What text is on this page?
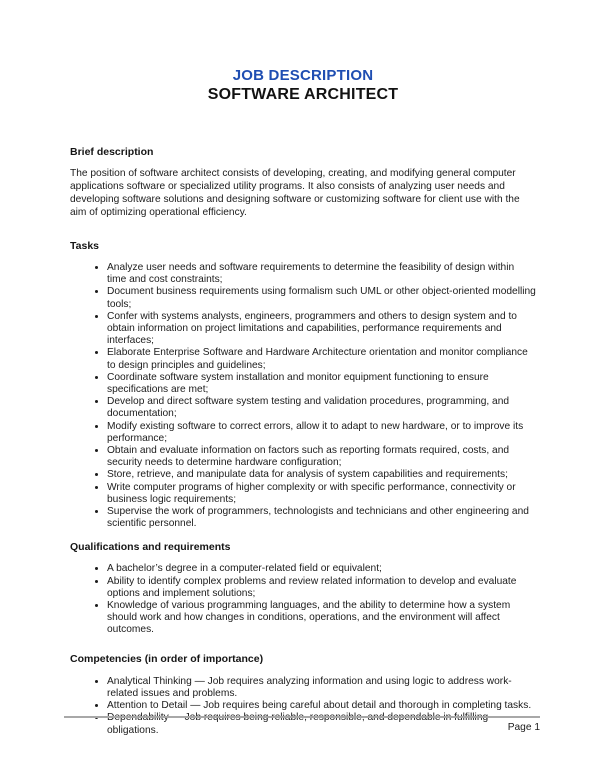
JOB DESCRIPTION
SOFTWARE ARCHITECT
Brief description

The position of software architect consists of developing, creating, and modifying general computer applications software or specialized utility programs. It also consists of analyzing user needs and developing software solutions and designing software or customizing software for client use with the aim of optimizing operational efficiency.

Tasks
• Analyze user needs and software requirements to determine the feasibility of design within time and cost constraints;
• Document business requirements using formalism such UML or other object-oriented modelling tools;
• Confer with systems analysts, engineers, programmers and others to design system and to obtain information on project limitations and capabilities, performance requirements and interfaces;
• Elaborate Enterprise Software and Hardware Architecture orientation and monitor compliance to design principles and guidelines;
• Coordinate software system installation and monitor equipment functioning to ensure specifications are met;
• Develop and direct software system testing and validation procedures, programming, and documentation;
• Modify existing software to correct errors, allow it to adapt to new hardware, or to improve its performance;
• Obtain and evaluate information on factors such as reporting formats required, costs, and security needs to determine hardware configuration;
• Store, retrieve, and manipulate data for analysis of system capabilities and requirements;
• Write computer programs of higher complexity or with specific performance, connectivity or business logic requirements;
• Supervise the work of programmers, technologists and technicians and other engineering and scientific personnel.
Qualifications and requirements
• A bachelor’s degree in a computer-related field or equivalent;
• Ability to identify complex problems and review related information to develop and evaluate options and implement solutions;
• Knowledge of various programming languages, and the ability to determine how a system should work and how changes in conditions, operations, and the environment will affect outcomes.
Competencies (in order of importance)
• Analytical Thinking — Job requires analyzing information and using logic to address work-related issues and problems.
• Attention to Detail — Job requires being careful about detail and thorough in completing tasks.
• Dependability — Job requires being reliable, responsible, and dependable in fulfilling obligations.	Page 1
